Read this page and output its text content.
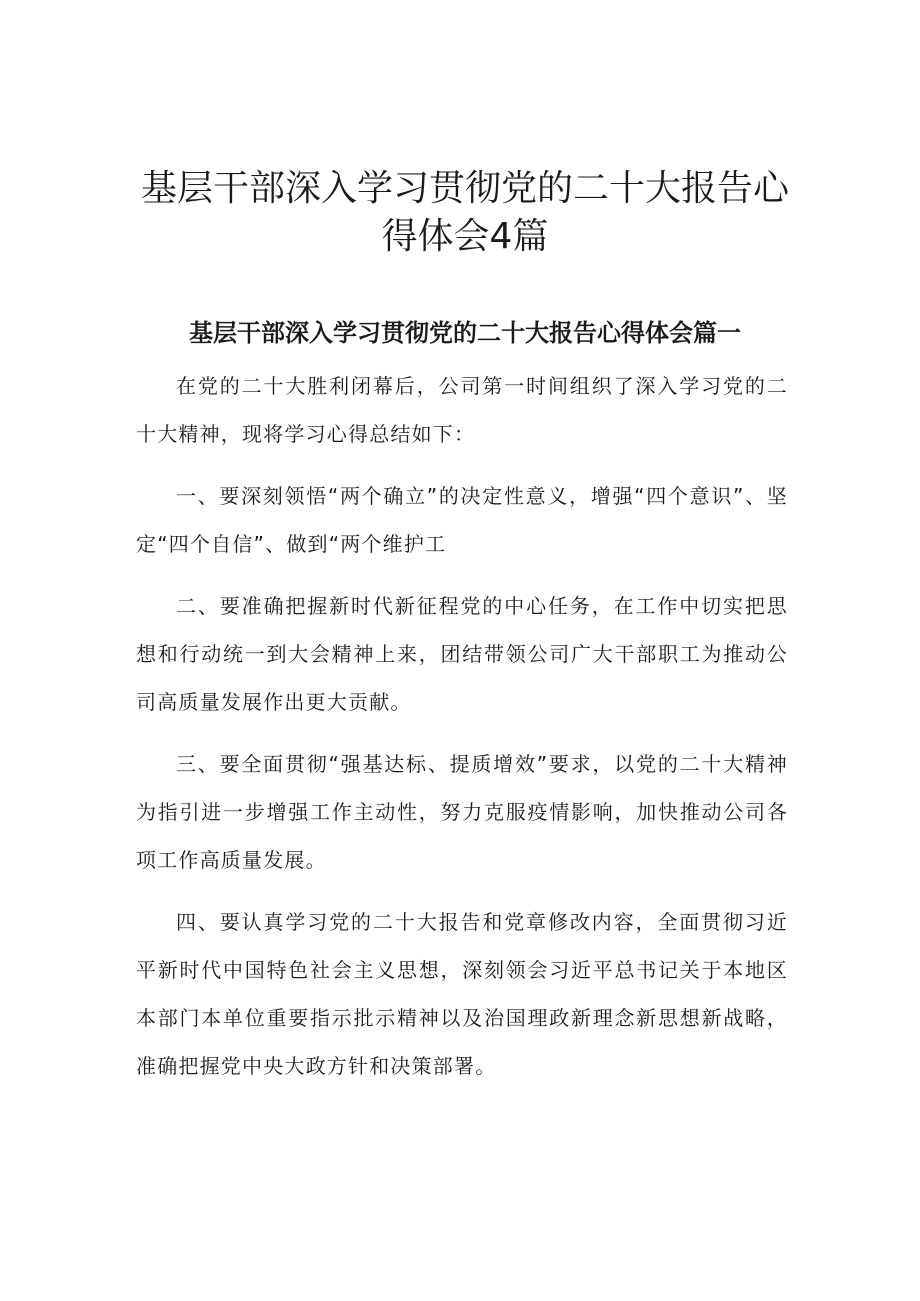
基层干部深入学习贯彻党的二十大报告心
得体会4篇
基层干部深入学习贯彻党的二十大报告心得体会篇一

在党的二十大胜利闭幕后，公司第一时间组织了深入学习党的二十大精神，现将学习心得总结如下：

一、要深刻领悟“两个确立”的决定性意义，增强“四个意识”、坚定“四个自信”、做到“两个维护工

二、要准确把握新时代新征程党的中心任务，在工作中切实把思想和行动统一到大会精神上来，团结带领公司广大干部职工为推动公司高质量发展作出更大贡献。

三、要全面贯彻“强基达标、提质增效”要求，以党的二十大精神为指引进一步增强工作主动性，努力克服疫情影响，加快推动公司各项工作高质量发展。

四、要认真学习党的二十大报告和党章修改内容，全面贯彻习近平新时代中国特色社会主义思想，深刻领会习近平总书记关于本地区本部门本单位重要指示批示精神以及治国理政新理念新思想新战略，准确把握党中央大政方针和决策部署。
